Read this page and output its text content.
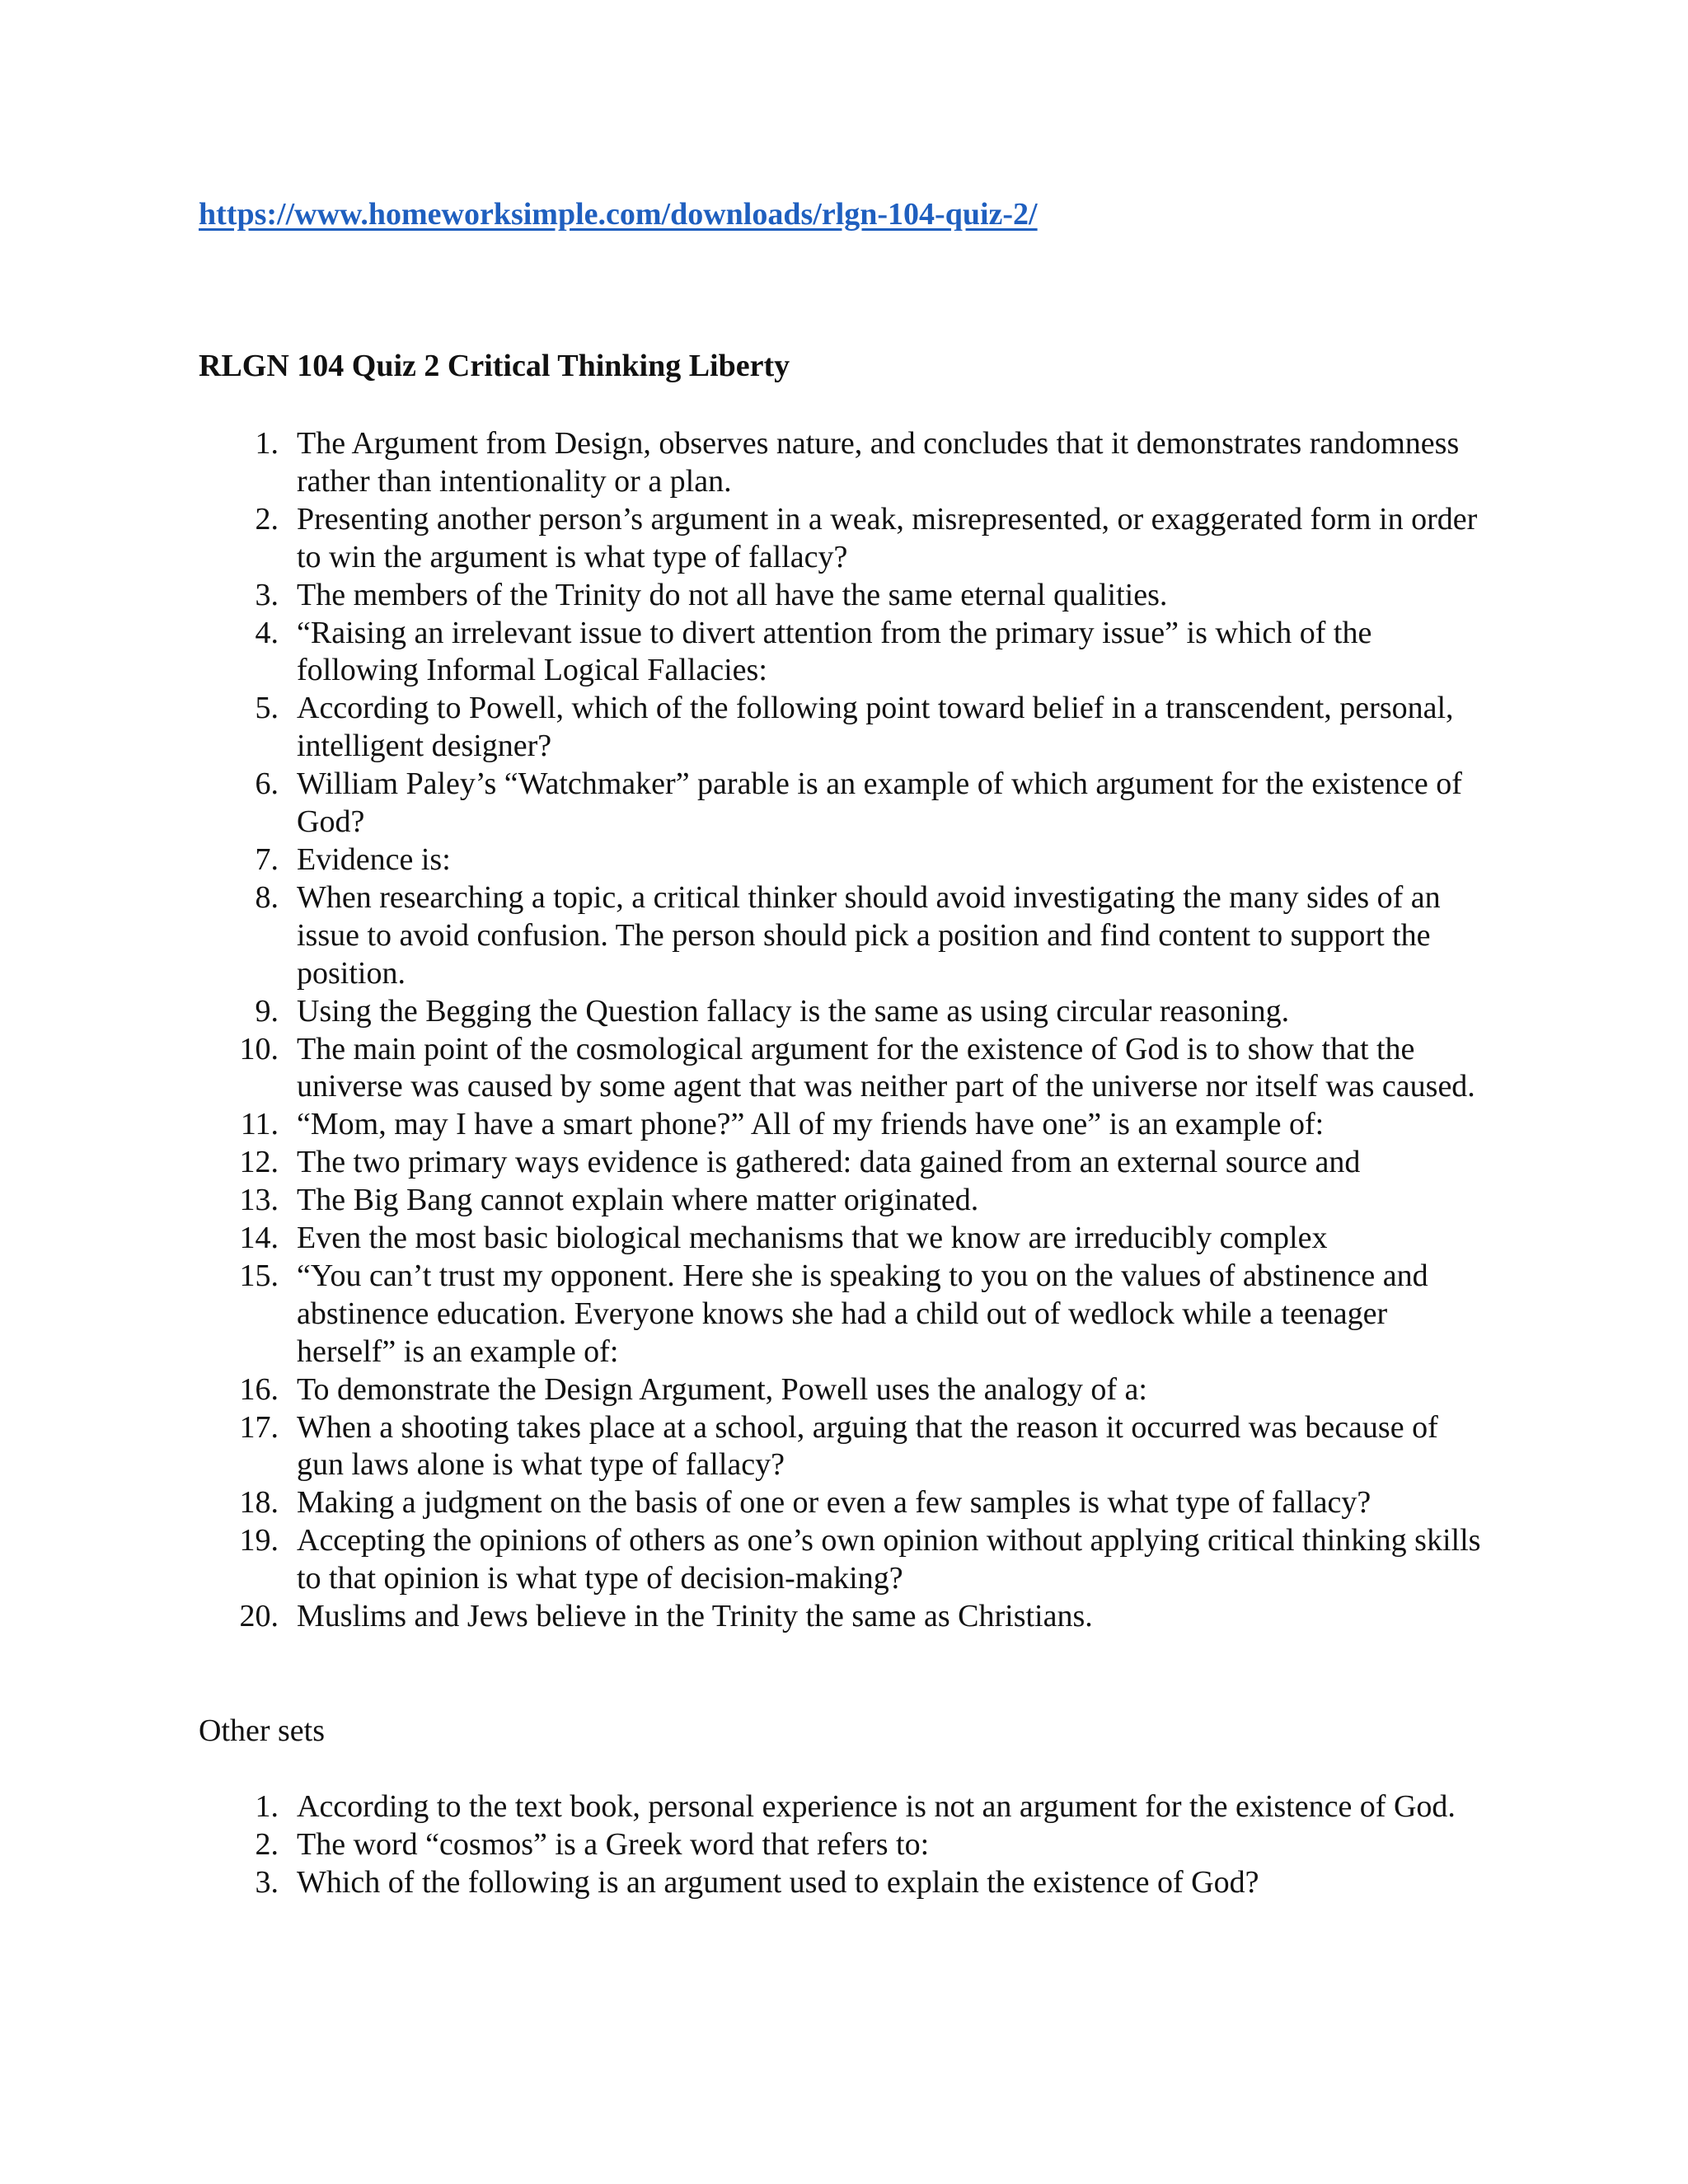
https://www.homeworksimple.com/downloads/rlgn-104-quiz-2/
RLGN 104 Quiz 2 Critical Thinking Liberty
1. The Argument from Design, observes nature, and concludes that it demonstrates randomness rather than intentionality or a plan.
2. Presenting another person’s argument in a weak, misrepresented, or exaggerated form in order to win the argument is what type of fallacy?
3. The members of the Trinity do not all have the same eternal qualities.
4. “Raising an irrelevant issue to divert attention from the primary issue” is which of the following Informal Logical Fallacies:
5. According to Powell, which of the following point toward belief in a transcendent, personal, intelligent designer?
6. William Paley’s “Watchmaker” parable is an example of which argument for the existence of God?
7. Evidence is:
8. When researching a topic, a critical thinker should avoid investigating the many sides of an issue to avoid confusion. The person should pick a position and find content to support the position.
9. Using the Begging the Question fallacy is the same as using circular reasoning.
10. The main point of the cosmological argument for the existence of God is to show that the universe was caused by some agent that was neither part of the universe nor itself was caused.
11. “Mom, may I have a smart phone?” All of my friends have one” is an example of:
12. The two primary ways evidence is gathered: data gained from an external source and
13. The Big Bang cannot explain where matter originated.
14. Even the most basic biological mechanisms that we know are irreducibly complex
15. “You can’t trust my opponent. Here she is speaking to you on the values of abstinence and abstinence education. Everyone knows she had a child out of wedlock while a teenager herself” is an example of:
16. To demonstrate the Design Argument, Powell uses the analogy of a:
17. When a shooting takes place at a school, arguing that the reason it occurred was because of gun laws alone is what type of fallacy?
18. Making a judgment on the basis of one or even a few samples is what type of fallacy?
19. Accepting the opinions of others as one’s own opinion without applying critical thinking skills to that opinion is what type of decision-making?
20. Muslims and Jews believe in the Trinity the same as Christians.

Other sets

1. According to the text book, personal experience is not an argument for the existence of God.
2. The word “cosmos” is a Greek word that refers to:
3. Which of the following is an argument used to explain the existence of God?
